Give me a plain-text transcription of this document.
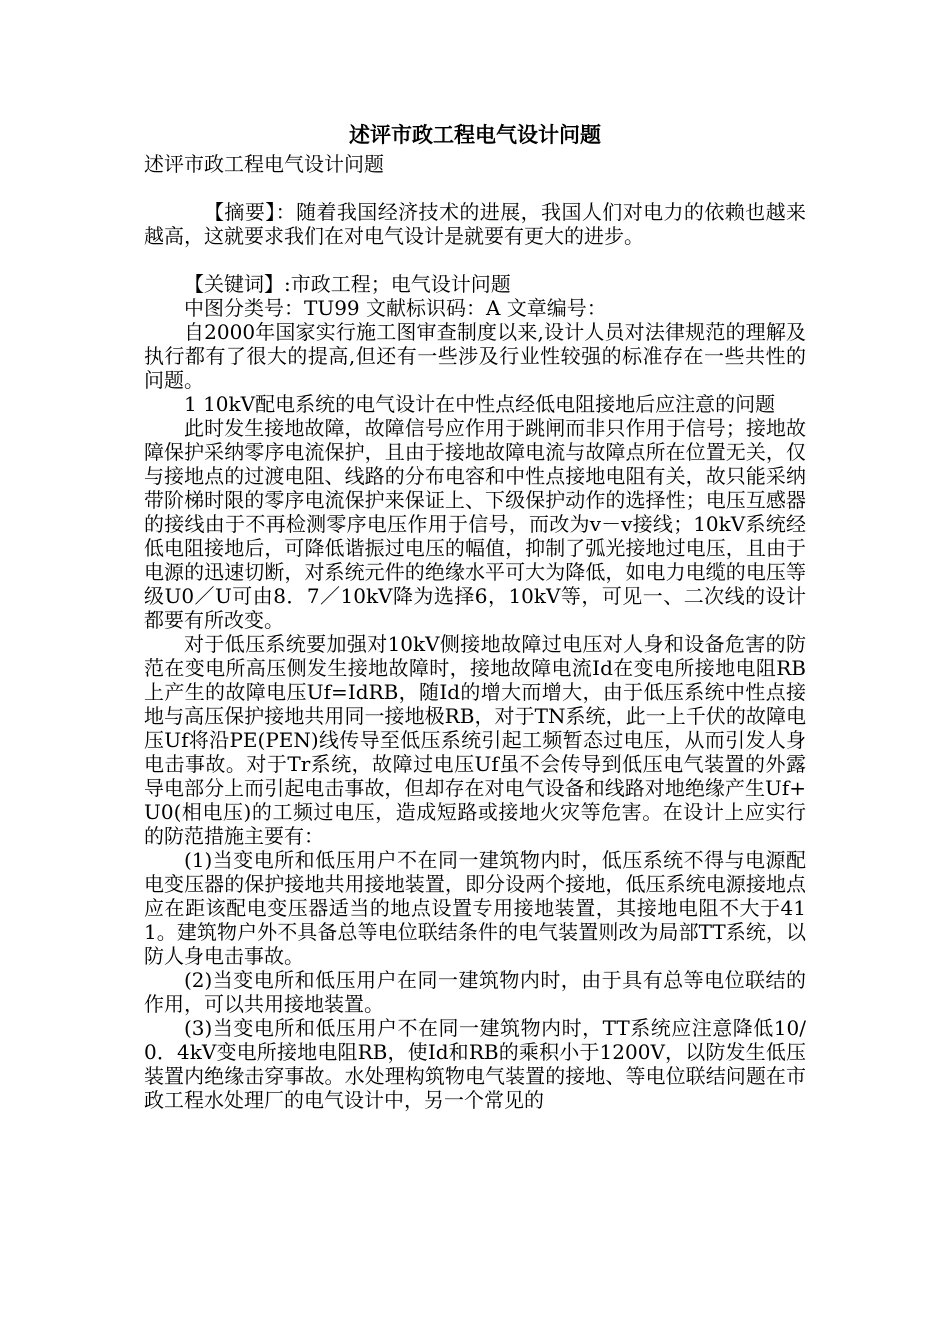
述评市政工程电气设计问题
述评市政工程电气设计问题

【摘要】：随着我国经济技术的进展，我国人们对电力的依赖也越来越高，这就要求我们在对电气设计是就要有更大的进步。

【关键词】:市政工程；电气设计问题

中图分类号：TU99 文献标识码：A 文章编号：

自2000年国家实行施工图审查制度以来,设计人员对法律规范的理解及执行都有了很大的提高,但还有一些涉及行业性较强的标准存在一些共性的问题。

1 10kV配电系统的电气设计在中性点经低电阻接地后应注意的问题

此时发生接地故障，故障信号应作用于跳闸而非只作用于信号；接地故障保护采纳零序电流保护，且由于接地故障电流与故障点所在位置无关，仅与接地点的过渡电阻、线路的分布电容和中性点接地电阻有关，故只能采纳带阶梯时限的零序电流保护来保证上、下级保护动作的选择性；电压互感器的接线由于不再检测零序电压作用于信号，而改为v－v接线；10kV系统经低电阻接地后，可降低谐振过电压的幅值，抑制了弧光接地过电压，且由于电源的迅速切断，对系统元件的绝缘水平可大为降低，如电力电缆的电压等级U0／U可由8．7／10kV降为选择6，10kV等，可见一、二次线的设计都要有所改变。

对于低压系统要加强对10kV侧接地故障过电压对人身和设备危害的防范在变电所高压侧发生接地故障时，接地故障电流Id在变电所接地电阻RB上产生的故障电压Uf=IdRB，随Id的增大而增大，由于低压系统中性点接地与高压保护接地共用同一接地极RB，对于TN系统，此一上千伏的故障电压Uf将沿PE(PEN)线传导至低压系统引起工频暂态过电压，从而引发人身电击事故。对于Tr系统，故障过电压Uf虽不会传导到低压电气装置的外露导电部分上而引起电击事故，但却存在对电气设备和线路对地绝缘产生Uf+U0(相电压)的工频过电压，造成短路或接地火灾等危害。在设计上应实行的防范措施主要有：

(1)当变电所和低压用户不在同一建筑物内时，低压系统不得与电源配电变压器的保护接地共用接地装置，即分设两个接地，低压系统电源接地点应在距该配电变压器适当的地点设置专用接地装置，其接地电阻不大于411。建筑物户外不具备总等电位联结条件的电气装置则改为局部TT系统，以防人身电击事故。

(2)当变电所和低压用户在同一建筑物内时，由于具有总等电位联结的作用，可以共用接地装置。

(3)当变电所和低压用户不在同一建筑物内时，TT系统应注意降低10/0．4kV变电所接地电阻RB，使Id和RB的乘积小于1200V，以防发生低压装置内绝缘击穿事故。水处理构筑物电气装置的接地、等电位联结问题在市政工程水处理厂的电气设计中，另一个常见的
